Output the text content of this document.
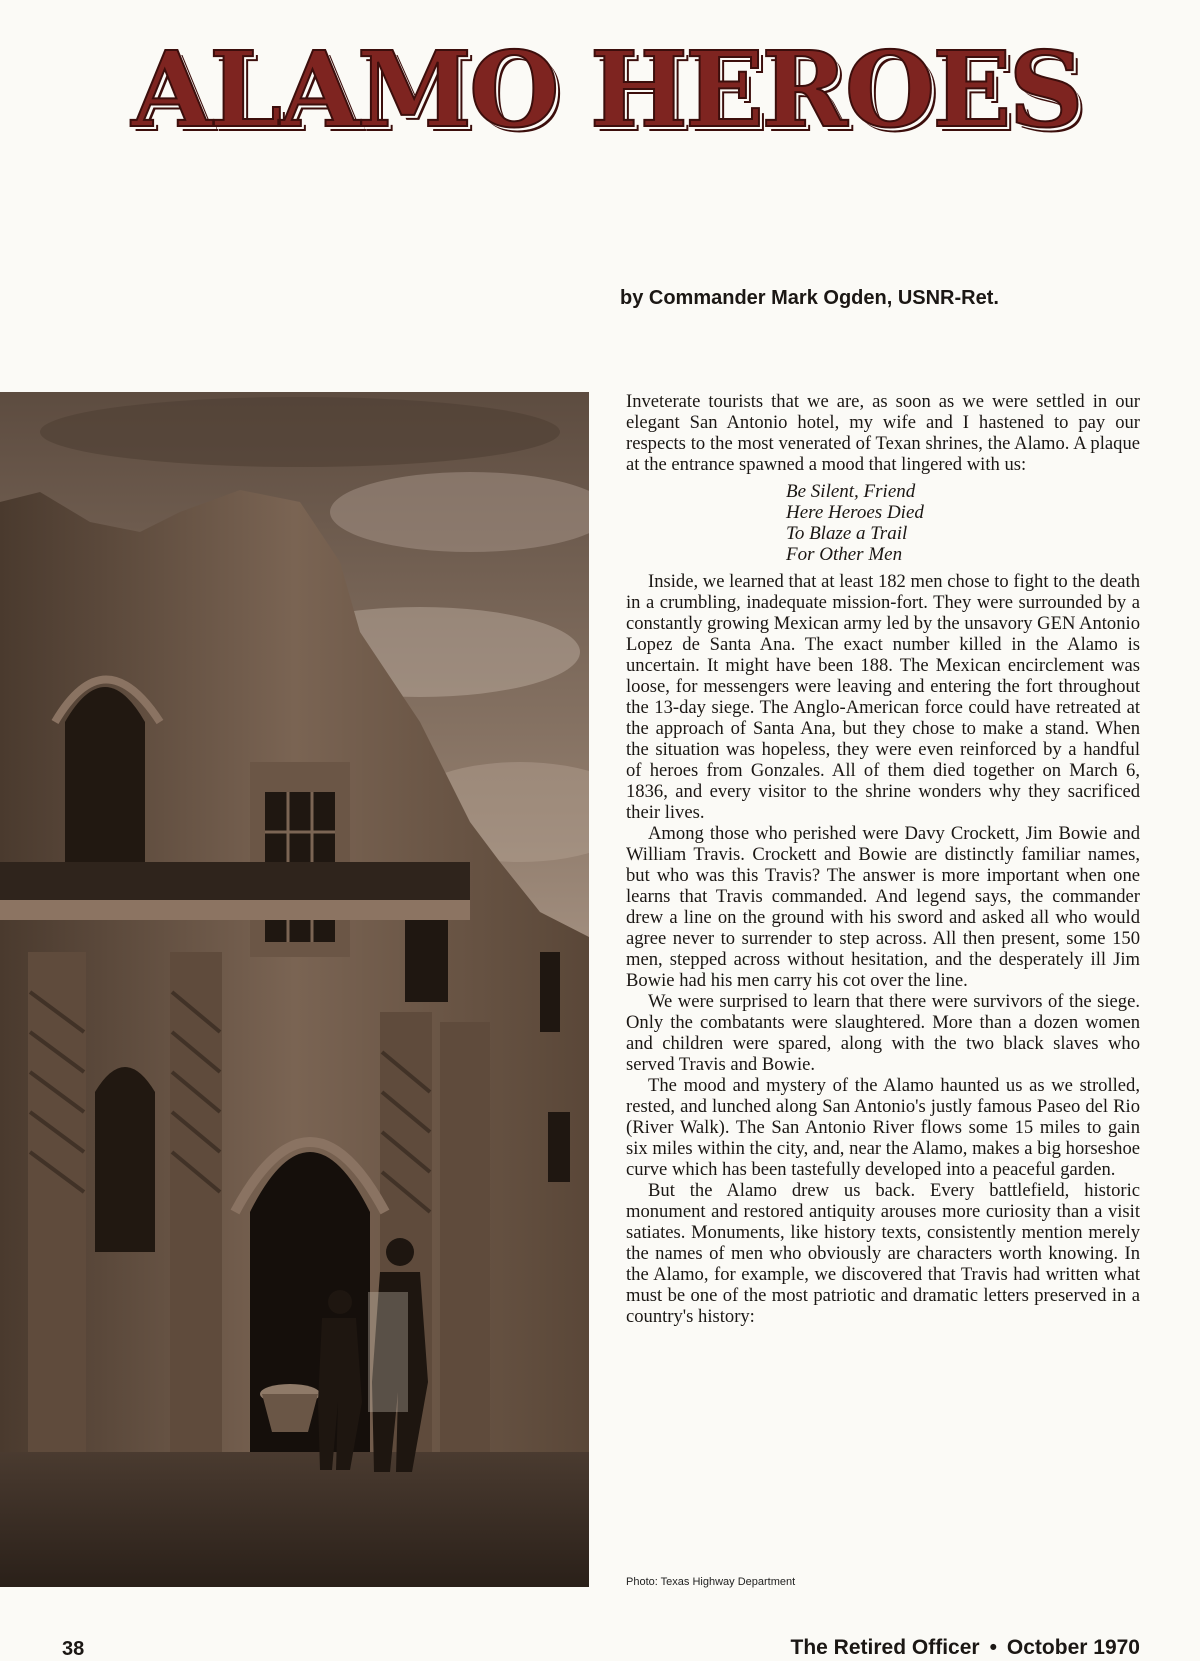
ALAMO HEROES
by Commander Mark Ogden, USNR-Ret.

Inveterate tourists that we are, as soon as we were settled in our elegant San Antonio hotel, my wife and I hastened to pay our respects to the most venerated of Texan shrines, the Alamo. A plaque at the entrance spawned a mood that lingered with us:

Be Silent, Friend
Here Heroes Died
To Blaze a Trail
For Other Men

Inside, we learned that at least 182 men chose to fight to the death in a crumbling, inadequate mission-fort. They were surrounded by a constantly growing Mexican army led by the unsavory GEN Antonio Lopez de Santa Ana. The exact number killed in the Alamo is uncertain. It might have been 188. The Mexican encirclement was loose, for messengers were leaving and entering the fort throughout the 13-day siege. The Anglo-American force could have retreated at the approach of Santa Ana, but they chose to make a stand. When the situation was hopeless, they were even reinforced by a handful of heroes from Gonzales. All of them died together on March 6, 1836, and every visitor to the shrine wonders why they sacrificed their lives.

Among those who perished were Davy Crockett, Jim Bowie and William Travis. Crockett and Bowie are distinctly familiar names, but who was this Travis? The answer is more important when one learns that Travis commanded. And legend says, the commander drew a line on the ground with his sword and asked all who would agree never to surrender to step across. All then present, some 150 men, stepped across without hesitation, and the desperately ill Jim Bowie had his men carry his cot over the line.

We were surprised to learn that there were survivors of the siege. Only the combatants were slaughtered. More than a dozen women and children were spared, along with the two black slaves who served Travis and Bowie.

The mood and mystery of the Alamo haunted us as we strolled, rested, and lunched along San Antonio's justly famous Paseo del Rio (River Walk). The San Antonio River flows some 15 miles to gain six miles within the city, and, near the Alamo, makes a big horseshoe curve which has been tastefully developed into a peaceful garden.

But the Alamo drew us back. Every battlefield, historic monument and restored antiquity arouses more curiosity than a visit satiates. Monuments, like history texts, consistently mention merely the names of men who obviously are characters worth knowing. In the Alamo, for example, we discovered that Travis had written what must be one of the most patriotic and dramatic letters preserved in a country's history:

Photo: Texas Highway Department
38	The Retired Officer • October 1970
